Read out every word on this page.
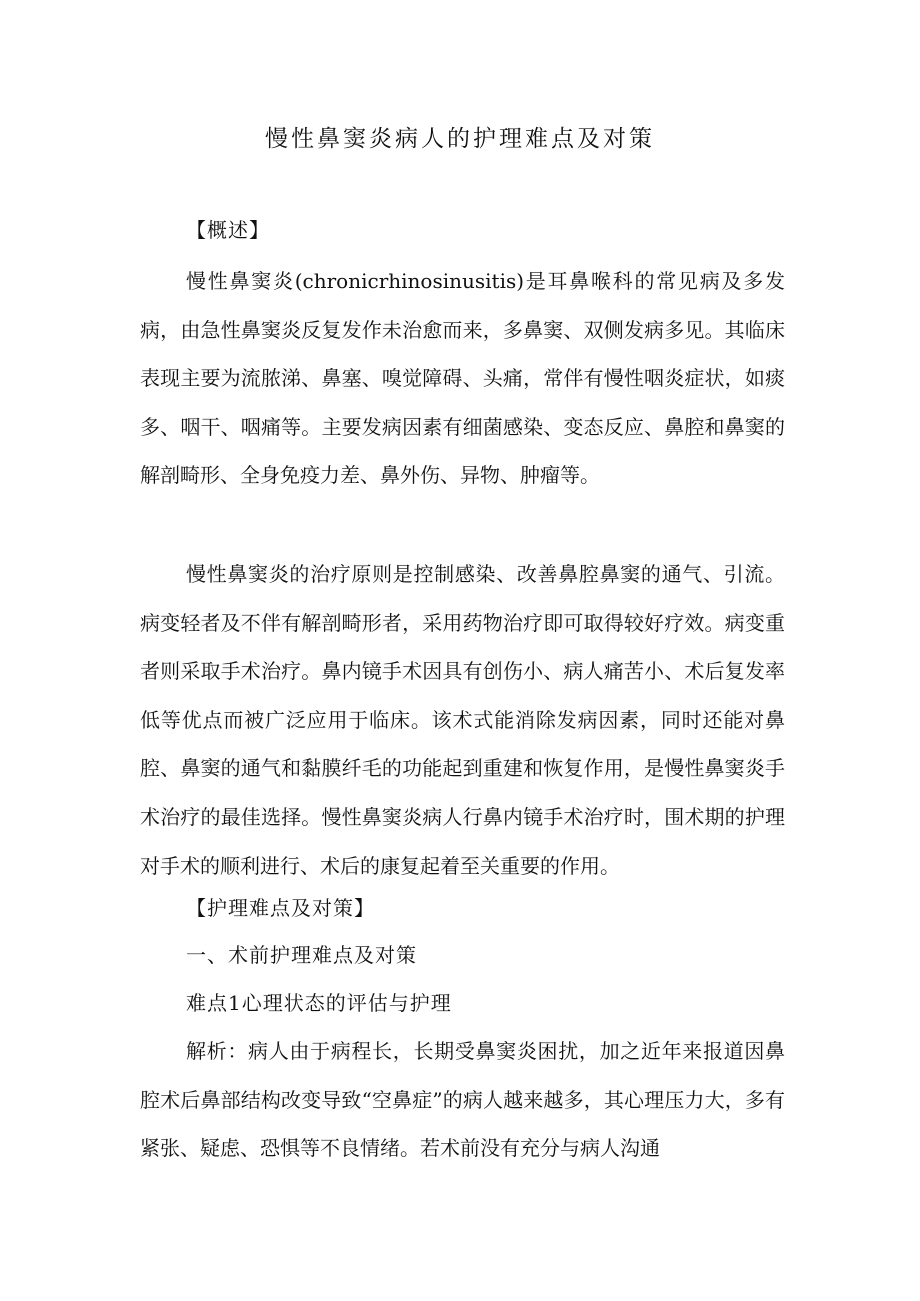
慢性鼻窦炎病人的护理难点及对策
【概述】

慢性鼻窦炎(chronicrhinosinusitis)是耳鼻喉科的常见病及多发病，由急性鼻窦炎反复发作未治愈而来，多鼻窦、双侧发病多见。其临床表现主要为流脓涕、鼻塞、嗅觉障碍、头痛，常伴有慢性咽炎症状，如痰多、咽干、咽痛等。主要发病因素有细菌感染、变态反应、鼻腔和鼻窦的解剖畸形、全身免疫力差、鼻外伤、异物、肿瘤等。

慢性鼻窦炎的治疗原则是控制感染、改善鼻腔鼻窦的通气、引流。病变轻者及不伴有解剖畸形者，采用药物治疗即可取得较好疗效。病变重者则采取手术治疗。鼻内镜手术因具有创伤小、病人痛苦小、术后复发率低等优点而被广泛应用于临床。该术式能消除发病因素，同时还能对鼻腔、鼻窦的通气和黏膜纤毛的功能起到重建和恢复作用，是慢性鼻窦炎手术治疗的最佳选择。慢性鼻窦炎病人行鼻内镜手术治疗时，围术期的护理对手术的顺利进行、术后的康复起着至关重要的作用。

【护理难点及对策】
一、术前护理难点及对策
难点1心理状态的评估与护理

解析：病人由于病程长，长期受鼻窦炎困扰，加之近年来报道因鼻腔术后鼻部结构改变导致“空鼻症”的病人越来越多，其心理压力大，多有紧张、疑虑、恐惧等不良情绪。若术前没有充分与病人沟通
